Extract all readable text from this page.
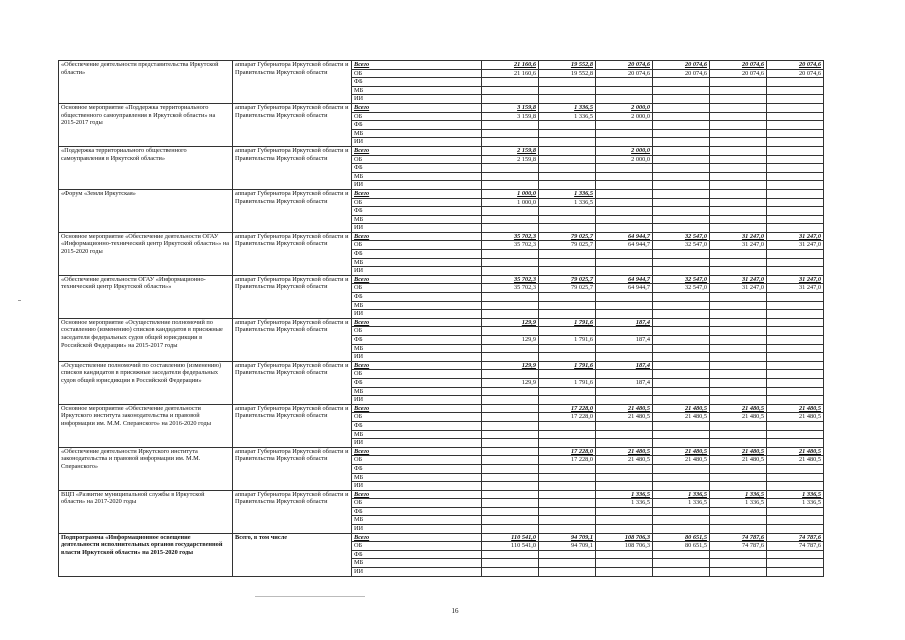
«Обеспечение деятельности представительства Иркутской области»	аппарат Губернатора Иркутской области и Правительства Иркутской области	Всего	21 160,6	19 552,8	20 074,6	20 074,6	20 074,6	20 074,6
		ОБ	21 160,6	19 552,8	20 074,6	20 074,6	20 074,6	20 074,6
		ФБ						
		МБ						
		ИИ						
Основное мероприятие «Поддержка территориального общественного самоуправления в Иркутской области» на 2015-2017 годы	аппарат Губернатора Иркутской области и Правительства Иркутской области	Всего	3 159,8	1 336,5	2 000,0			
		ОБ	3 159,8	1 336,5	2 000,0			
		ФБ						
		МБ						
		ИИ						
«Поддержка территориального общественного самоуправления в Иркутской области»	аппарат Губернатора Иркутской области и Правительства Иркутской области	Всего	2 159,8		2 000,0			
		ОБ	2 159,8		2 000,0			
		ФБ						
		МБ						
		ИИ						
«Форум «Земля Иркутская»	аппарат Губернатора Иркутской области и Правительства Иркутской области	Всего	1 000,0	1 336,5				
		ОБ	1 000,0	1 336,5				
		ФБ						
		МБ						
		ИИ						
Основное мероприятие «Обеспечение деятельности ОГАУ «Информационно-технический центр Иркутской области»» на 2015-2020 годы	аппарат Губернатора Иркутской области и Правительства Иркутской области	Всего	35 702,3	79 025,7	64 944,7	32 547,0	31 247,0	31 247,0
		ОБ	35 702,3	79 025,7	64 944,7	32 547,0	31 247,0	31 247,0
		ФБ						
		МБ						
		ИИ						
«Обеспечение деятельности ОГАУ «Информационно-технический центр Иркутской области»»	аппарат Губернатора Иркутской области и Правительства Иркутской области	Всего	35 702,3	79 025,7	64 944,7	32 547,0	31 247,0	31 247,0
		ОБ	35 702,3	79 025,7	64 944,7	32 547,0	31 247,0	31 247,0
		ФБ						
		МБ						
		ИИ						
Основное мероприятие «Осуществление полномочий по составлению (изменению) списков кандидатов в присяжные заседатели федеральных судов общей юрисдикции в Российской Федерации» на 2015-2017 годы	аппарат Губернатора Иркутской области и Правительства Иркутской области	Всего	129,9	1 791,6	187,4			
		ОБ						
		ФБ	129,9	1 791,6	187,4			
		МБ						
		ИИ						
«Осуществление полномочий по составлению (изменению) списков кандидатов в присяжные заседатели федеральных судов общей юрисдикции в Российской Федерации»	аппарат Губернатора Иркутской области и Правительства Иркутской области	Всего	129,9	1 791,6	187,4			
		ОБ						
		ФБ	129,9	1 791,6	187,4			
		МБ						
		ИИ						
Основное мероприятие «Обеспечение деятельности Иркутского института законодательства и правовой информации им. М.М. Сперанского» на 2016-2020 годы	аппарат Губернатора Иркутской области и Правительства Иркутской области	Всего		17 228,0	21 480,5	21 480,5	21 480,5	21 480,5
		ОБ		17 228,0	21 480,5	21 480,5	21 480,5	21 480,5
		ФБ						
		МБ						
		ИИ						
«Обеспечение деятельности Иркутского института законодательства и правовой информации им. М.М. Сперанского»	аппарат Губернатора Иркутской области и Правительства Иркутской области	Всего		17 228,0	21 480,5	21 480,5	21 480,5	21 480,5
		ОБ		17 228,0	21 480,5	21 480,5	21 480,5	21 480,5
		ФБ						
		МБ						
		ИИ						
ВЦП «Развитие муниципальной службы в Иркутской области» на 2017-2020 годы	аппарат Губернатора Иркутской области и Правительства Иркутской области	Всего			1 336,5	1 336,5	1 336,5	1 336,5
		ОБ			1 336,5	1 336,5	1 336,5	1 336,5
		ФБ						
		МБ						
		ИИ						
Подпрограмма «Информационное освещение деятельности исполнительных органов государственной власти Иркутской области» на 2015-2020 годы	Всего, в том числе	Всего	110 541,0	94 709,1	108 706,3	80 651,5	74 787,6	74 787,6
		ОБ	110 541,0	94 709,1	108 706,3	80 651,5	74 787,6	74 787,6
		ФБ						
		МБ						
		ИИ						
16
